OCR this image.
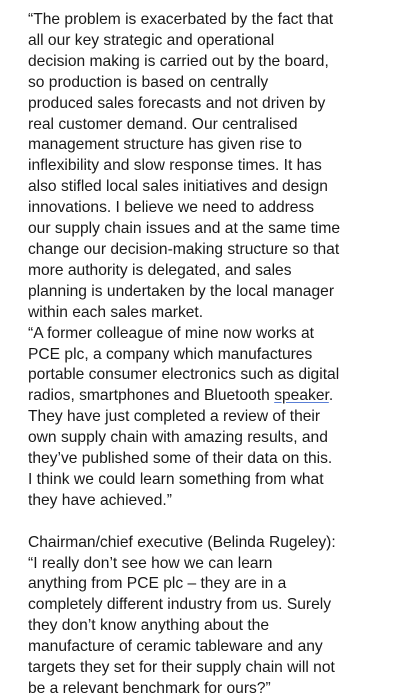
“The problem is exacerbated by the fact that
all our key strategic and operational
decision making is carried out by the board,
so production is based on centrally
produced sales forecasts and not driven by
real customer demand. Our centralised
management structure has given rise to
inflexibility and slow response times. It has
also stifled local sales initiatives and design
innovations. I believe we need to address
our supply chain issues and at the same time
change our decision-making structure so that
more authority is delegated, and sales
planning is undertaken by the local manager
within each sales market.
“A former colleague of mine now works at
PCE plc, a company which manufactures
portable consumer electronics such as digital
radios, smartphones and Bluetooth speaker.
They have just completed a review of their
own supply chain with amazing results, and
they’ve published some of their data on this.
I think we could learn something from what
they have achieved.”
Chairman/chief executive (Belinda Rugeley):
“I really don’t see how we can learn
anything from PCE plc – they are in a
completely different industry from us. Surely
they don’t know anything about the
manufacture of ceramic tableware and any
targets they set for their supply chain will not
be a relevant benchmark for ours?”
